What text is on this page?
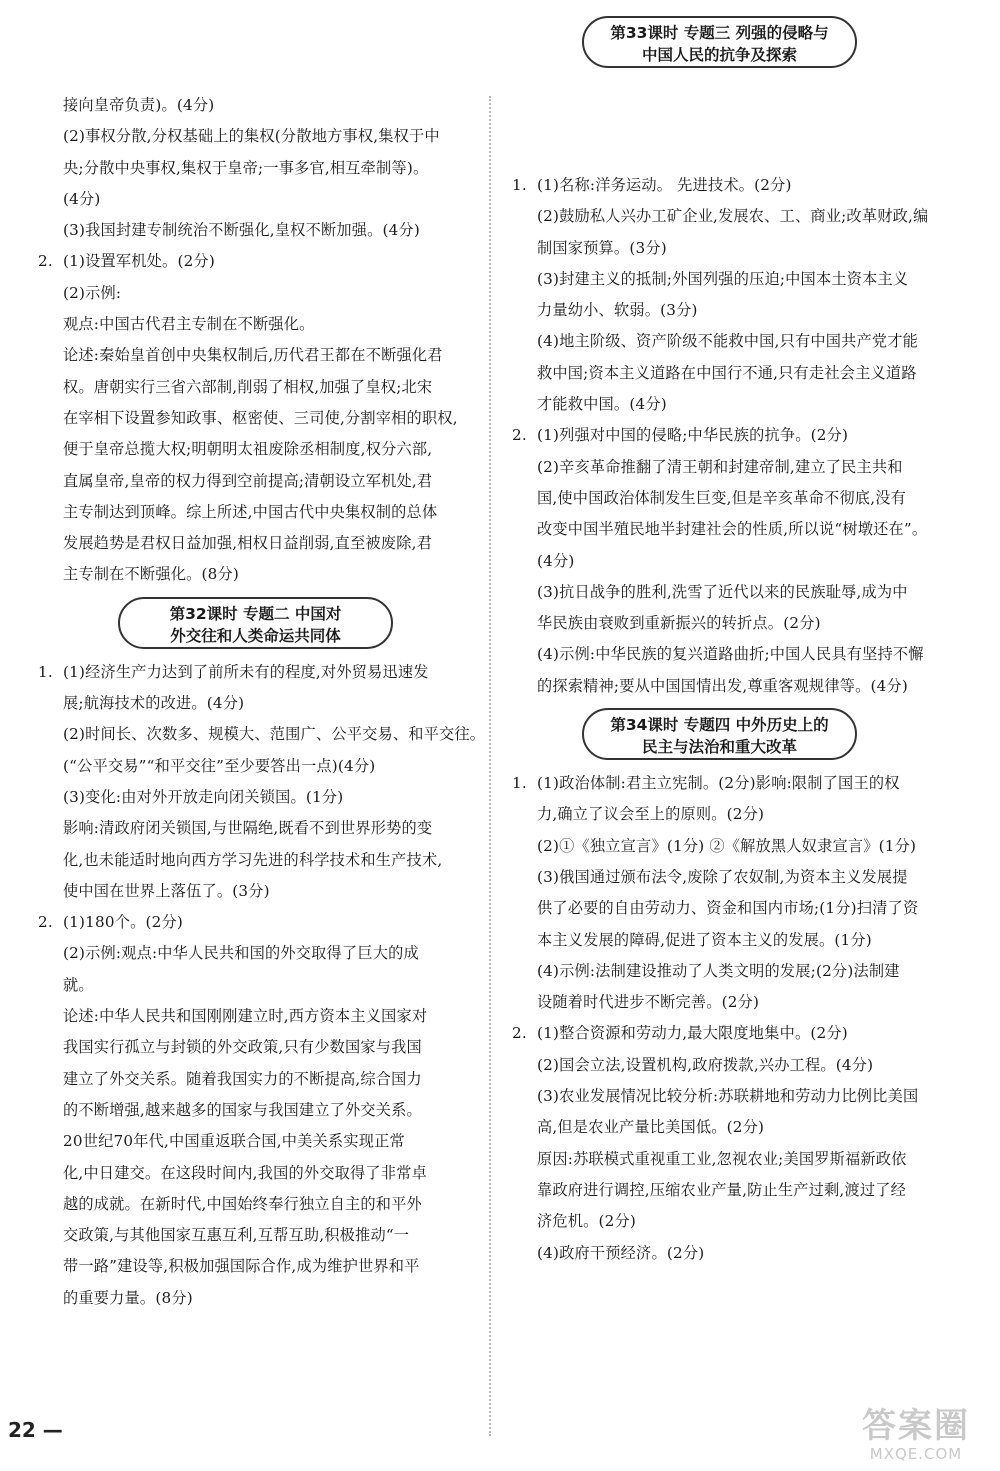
接向皇帝负责)。(4分)
(2)事权分散,分权基础上的集权(分散地方事权,集权于中
央;分散中央事权,集权于皇帝;一事多官,相互牵制等)。
(4分)
(3)我国封建专制统治不断强化,皇权不断加强。(4分)
2. (1)设置军机处。(2分)
(2)示例:
观点:中国古代君主专制在不断强化。
论述:秦始皇首创中央集权制后,历代君王都在不断强化君
权。唐朝实行三省六部制,削弱了相权,加强了皇权;北宋
在宰相下设置参知政事、枢密使、三司使,分割宰相的职权,
便于皇帝总揽大权;明朝明太祖废除丞相制度,权分六部,
直属皇帝,皇帝的权力得到空前提高;清朝设立军机处,君
主专制达到顶峰。综上所述,中国古代中央集权制的总体
发展趋势是君权日益加强,相权日益削弱,直至被废除,君
主专制在不断强化。(8分)
第32课时 专题二 中国对
外交往和人类命运共同体
1. (1)经济生产力达到了前所未有的程度,对外贸易迅速发
展;航海技术的改进。(4分)
(2)时间长、次数多、规模大、范围广、公平交易、和平交往。
(“公平交易”“和平交往”至少要答出一点)(4分)
(3)变化:由对外开放走向闭关锁国。(1分)
影响:清政府闭关锁国,与世隔绝,既看不到世界形势的变
化,也未能适时地向西方学习先进的科学技术和生产技术,
使中国在世界上落伍了。(3分)
2. (1)180个。(2分)
(2)示例:观点:中华人民共和国的外交取得了巨大的成
就。
论述:中华人民共和国刚刚建立时,西方资本主义国家对
我国实行孤立与封锁的外交政策,只有少数国家与我国
建立了外交关系。随着我国实力的不断提高,综合国力
的不断增强,越来越多的国家与我国建立了外交关系。
20世纪70年代,中国重返联合国,中美关系实现正常
化,中日建交。在这段时间内,我国的外交取得了非常卓
越的成就。在新时代,中国始终奉行独立自主的和平外
交政策,与其他国家互惠互利,互帮互助,积极推动“一
带一路”建设等,积极加强国际合作,成为维护世界和平
的重要力量。(8分)
第33课时 专题三 列强的侵略与
中国人民的抗争及探索
1. (1)名称:洋务运动。 先进技术。(2分)
(2)鼓励私人兴办工矿企业,发展农、工、商业;改革财政,编
制国家预算。(3分)
(3)封建主义的抵制;外国列强的压迫;中国本土资本主义
力量幼小、软弱。(3分)
(4)地主阶级、资产阶级不能救中国,只有中国共产党才能
救中国;资本主义道路在中国行不通,只有走社会主义道路
才能救中国。(4分)
2. (1)列强对中国的侵略;中华民族的抗争。(2分)
(2)辛亥革命推翻了清王朝和封建帝制,建立了民主共和
国,使中国政治体制发生巨变,但是辛亥革命不彻底,没有
改变中国半殖民地半封建社会的性质,所以说“树墩还在”。
(4分)
(3)抗日战争的胜利,洗雪了近代以来的民族耻辱,成为中
华民族由衰败到重新振兴的转折点。(2分)
(4)示例:中华民族的复兴道路曲折;中国人民具有坚持不懈
的探索精神;要从中国国情出发,尊重客观规律等。(4分)
第34课时 专题四 中外历史上的
民主与法治和重大改革
1. (1)政治体制:君主立宪制。(2分)影响:限制了国王的权
力,确立了议会至上的原则。(2分)
(2)①《独立宣言》(1分) ②《解放黑人奴隶宣言》(1分)
(3)俄国通过颁布法令,废除了农奴制,为资本主义发展提
供了必要的自由劳动力、资金和国内市场;(1分)扫清了资
本主义发展的障碍,促进了资本主义的发展。(1分)
(4)示例:法制建设推动了人类文明的发展;(2分)法制建
设随着时代进步不断完善。(2分)
2. (1)整合资源和劳动力,最大限度地集中。(2分)
(2)国会立法,设置机构,政府拨款,兴办工程。(4分)
(3)农业发展情况比较分析:苏联耕地和劳动力比例比美国
高,但是农业产量比美国低。(2分)
原因:苏联模式重视重工业,忽视农业;美国罗斯福新政依
靠政府进行调控,压缩农业产量,防止生产过剩,渡过了经
济危机。(2分)
(4)政府干预经济。(2分)
22 —	答案圈
MXQE.COM
